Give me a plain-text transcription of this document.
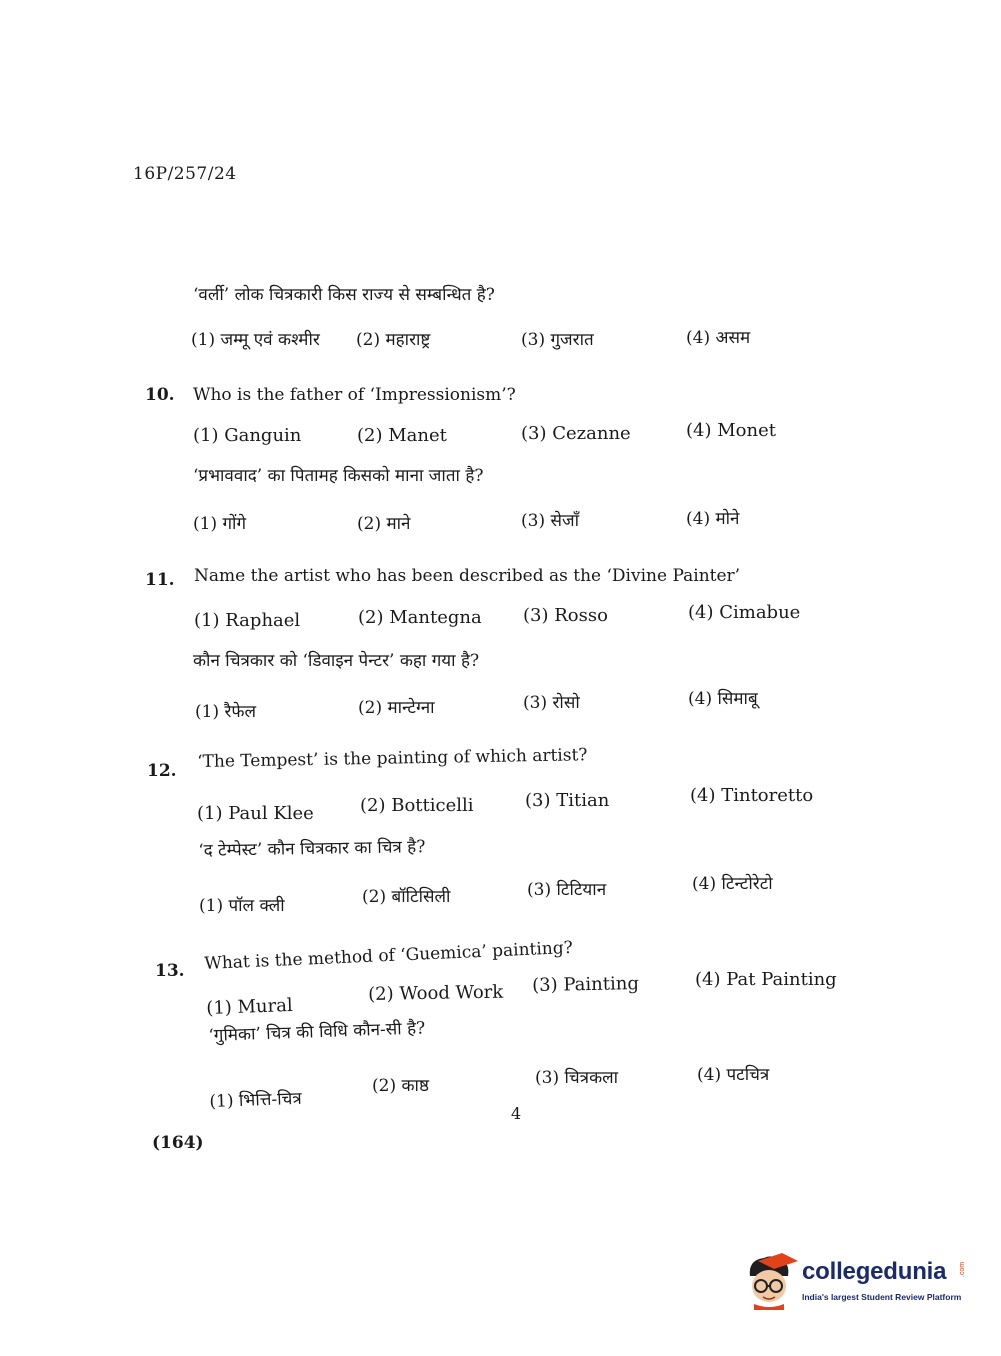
16P/257/24
‘वर्ली’ लोक चित्रकारी किस राज्य से सम्बन्धित है?
(1) जम्मू एवं कश्मीर (2) महाराष्ट्र	(3) गुजरात	(4) असम
10. Who is the father of ‘Impressionism’?
(1) Ganguin	(2) Manet	(3) Cezanne	(4) Monet
‘प्रभाववाद’ का पितामह किसको माना जाता है?
(1) गोंगे	(2) माने	(3) सेजाँ	(4) मोने
11. Name the artist who has been described as the ‘Divine Painter’
(1) Raphael	(2) Mantegna (3) Rosso	(4) Cimabue
कौन चित्रकार को ‘डिवाइन पेन्टर’ कहा गया है?
(1) रैफेल	(2) मान्टेग्ना	(3) रोसो	(4) सिमाबू
12. ‘The Tempest’ is the painting of which artist?
(1) Paul Klee	(2) Botticelli	(3) Titian	(4) Tintoretto
‘द टेम्पेस्ट’ कौन चित्रकार का चित्र है?
(1) पॉल क्ली	(2) बॉटिसिली	(3) टिटियान	(4) टिन्टोरेटो
13. What is the method of ‘Guemica’ painting?
(1) Mural
(2) Wood Work (3) Painting	(4) Pat Painting
‘गुमिका’ चित्र की विधि कौन-सी है?
(1) भित्ति-चित्र
(2) काष्ठ	(3) चित्रकला	(4) पटचित्र
4
(164)
collegedunia .com
India's largest Student Review Platform
